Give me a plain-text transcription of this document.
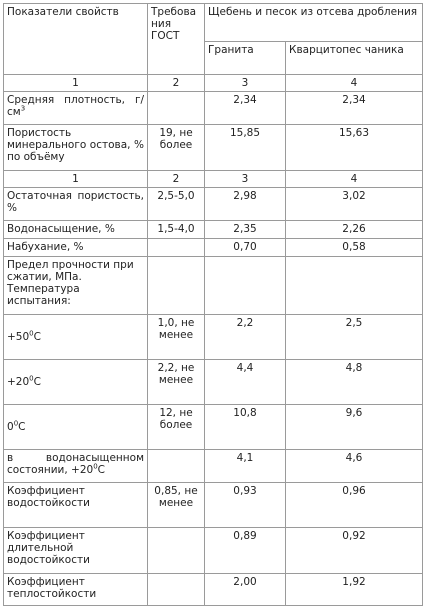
Показатели свойств	Требова ния ГОСТ	Щебень и песок из отсева дробления	
		Гранита	Кварцитопес чаника
1	2	3	4
Средняя плотность, $г/см^3$		2,34	2,34
Пористость минерального остова, % по объёму	19, не более	15,85	15,63
1	2	3	4
Остаточная пористость, %	2,5-5,0	2,98	3,02
Водонасыщение, %	1,5-4,0	2,35	2,26
Набухание, %		0,70	0,58
Предел прочности при сжатии, МПа. Температура испытания:			
$+50^0С$	1,0, не менее	2,2	2,5
$+20^0С$	2,2, не менее	4,4	4,8
$0^0С$	12, не более	10,8	9,6
в водонасыщенном состоянии, $+20^0С$		4,1	4,6
Коэффициент водостойкости	0,85, не менее	0,93	0,96
Коэффициент длительной водостойкости		0,89	0,92
Коэффициент теплостойкости		2,00	1,92
